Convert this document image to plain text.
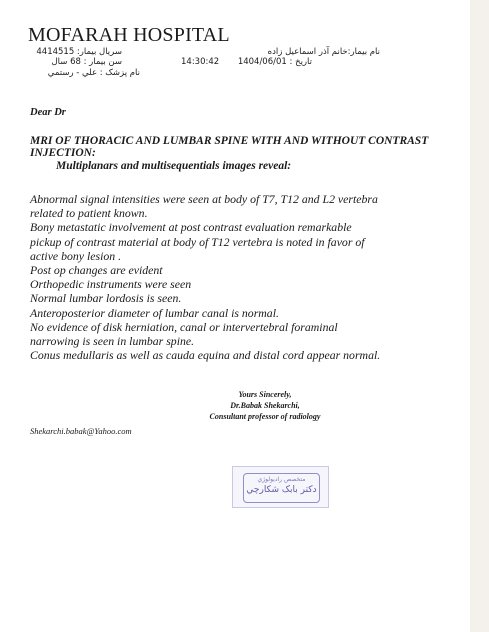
MOFARAH HOSPITAL
سريال بيمار: 4414515
سن بيمار : 68 سال
نام پزشک : علي - رستمي
نام بيمار:خانم آذر اسماعيل زاده
تاريخ : 1404/06/01
14:30:42
Dear Dr
MRI OF THORACIC AND LUMBAR SPINE WITH AND WITHOUT CONTRAST INJECTION:
Multiplanars and multisequentials images reveal:
Abnormal signal intensities were seen at body of T7, T12 and L2 vertebra
related to patient known.
Bony metastatic involvement at post contrast evaluation remarkable
pickup of contrast material at body of T12 vertebra is noted in favor of
active bony lesion .
Post op changes are evident
Orthopedic instruments were seen
Normal lumbar lordosis is seen.
Anteroposterior diameter of lumbar canal is normal.
No evidence of disk herniation, canal or intervertebral foraminal
narrowing is seen in lumbar spine.
Conus medullaris as well as cauda equina and distal cord appear normal.
Yours Sincerely,
Dr.Babak Shekarchi,
Consultant professor of radiology
Shekarchi.babak@Yahoo.com
متخصص راديولوژي
دکتر بابک شکارچي
